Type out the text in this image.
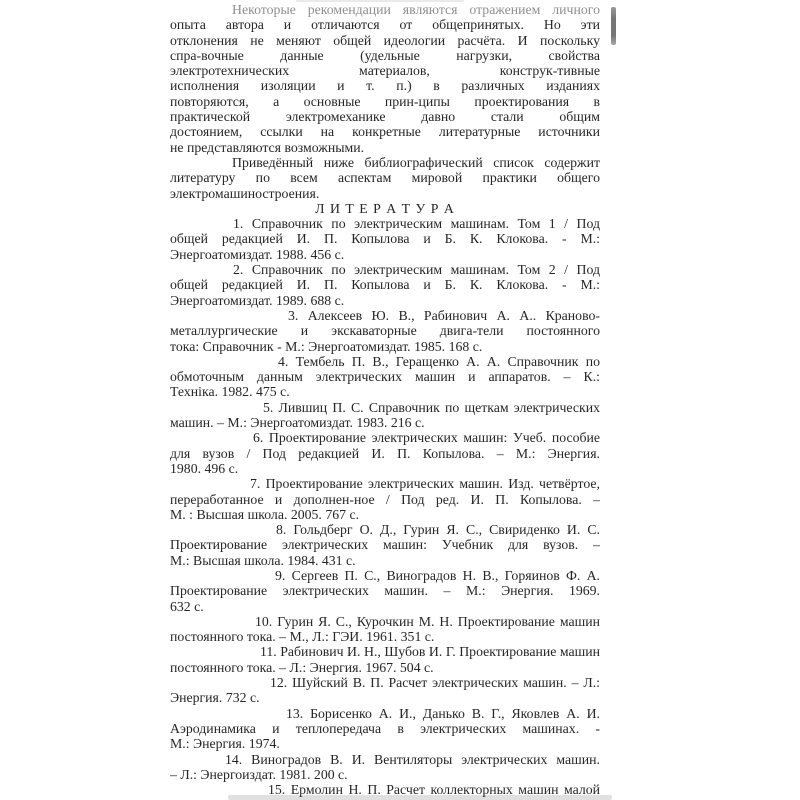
Некоторые рекомендации являются отражением личного
опыта автора и отличаются от общепринятых. Но эти
отклонения не меняют общей идеологии расчёта. И поскольку
спра-вочные данные (удельные нагрузки, свойства
электротехнических материалов, конструк-тивные
исполнения изоляции и т. п.) в различных изданиях
повторяются, а основные прин-ципы проектирования в
практической электромеханике давно стали общим
достоянием, ссылки на конкретные литературные источники
не представляются возможными.
Приведённый ниже библиографический список содержит
литературу по всем аспектам мировой практики общего
электромашиностроения.
Л И Т Е Р А Т У Р А
1. Справочник по электрическим машинам. Том 1 / Под
общей редакцией И. П. Копылова и Б. К. Клокова. - М.:
Энергоатомиздат. 1988. 456 с.
2. Справочник по электрическим машинам. Том 2 / Под
общей редакцией И. П. Копылова и Б. К. Клокова. - М.:
Энергоатомиздат. 1989. 688 с.
3. Алексеев Ю. В., Рабинович А. А.. Краново-
металлургические и экскаваторные двига-тели постоянного
тока: Справочник - М.: Энергоатомиздат. 1985. 168 с.
4. Тембель П. В., Геращенко А. А. Справочник по
обмоточным данным электрических машин и аппаратов. – К.:
Техніка. 1982. 475 с.
5. Лившиц П. С. Справочник по щеткам электрических
машин. – М.: Энергоатомиздат. 1983. 216 с.
6. Проектирование электрических машин: Учеб. пособие
для вузов / Под редакцией И. П. Копылова. – М.: Энергия.
1980. 496 с.
7. Проектирование электрических машин. Изд. четвёртое,
переработанное и дополнен-ное / Под ред. И. П. Копылова. –
М. : Высшая школа. 2005. 767 с.
8. Гольдберг О. Д., Гурин Я. С., Свириденко И. С.
Проектирование электрических машин: Учебник для вузов. –
М.: Высшая школа. 1984. 431 с.
9. Сергеев П. С., Виноградов Н. В., Горяинов Ф. А.
Проектирование электрических машин. – М.: Энергия. 1969.
632 с.
10. Гурин Я. С., Курочкин М. Н. Проектирование машин
постоянного тока. – М., Л.: ГЭИ. 1961. 351 с.
11. Рабинович И. Н., Шубов И. Г. Проектирование машин
постоянного тока. – Л.: Энергия. 1967. 504 с.
12. Шуйский В. П. Расчет электрических машин. – Л.:
Энергия. 732 с.
13. Борисенко А. И., Данько В. Г., Яковлев А. И.
Аэродинамика и теплопередача в электрических машинах. -
М.: Энергия. 1974.
14. Виноградов В. И. Вентиляторы электрических машин.
– Л.: Энергоиздат. 1981. 200 с.
15. Ермолин Н. П. Расчет коллекторных машин малой
